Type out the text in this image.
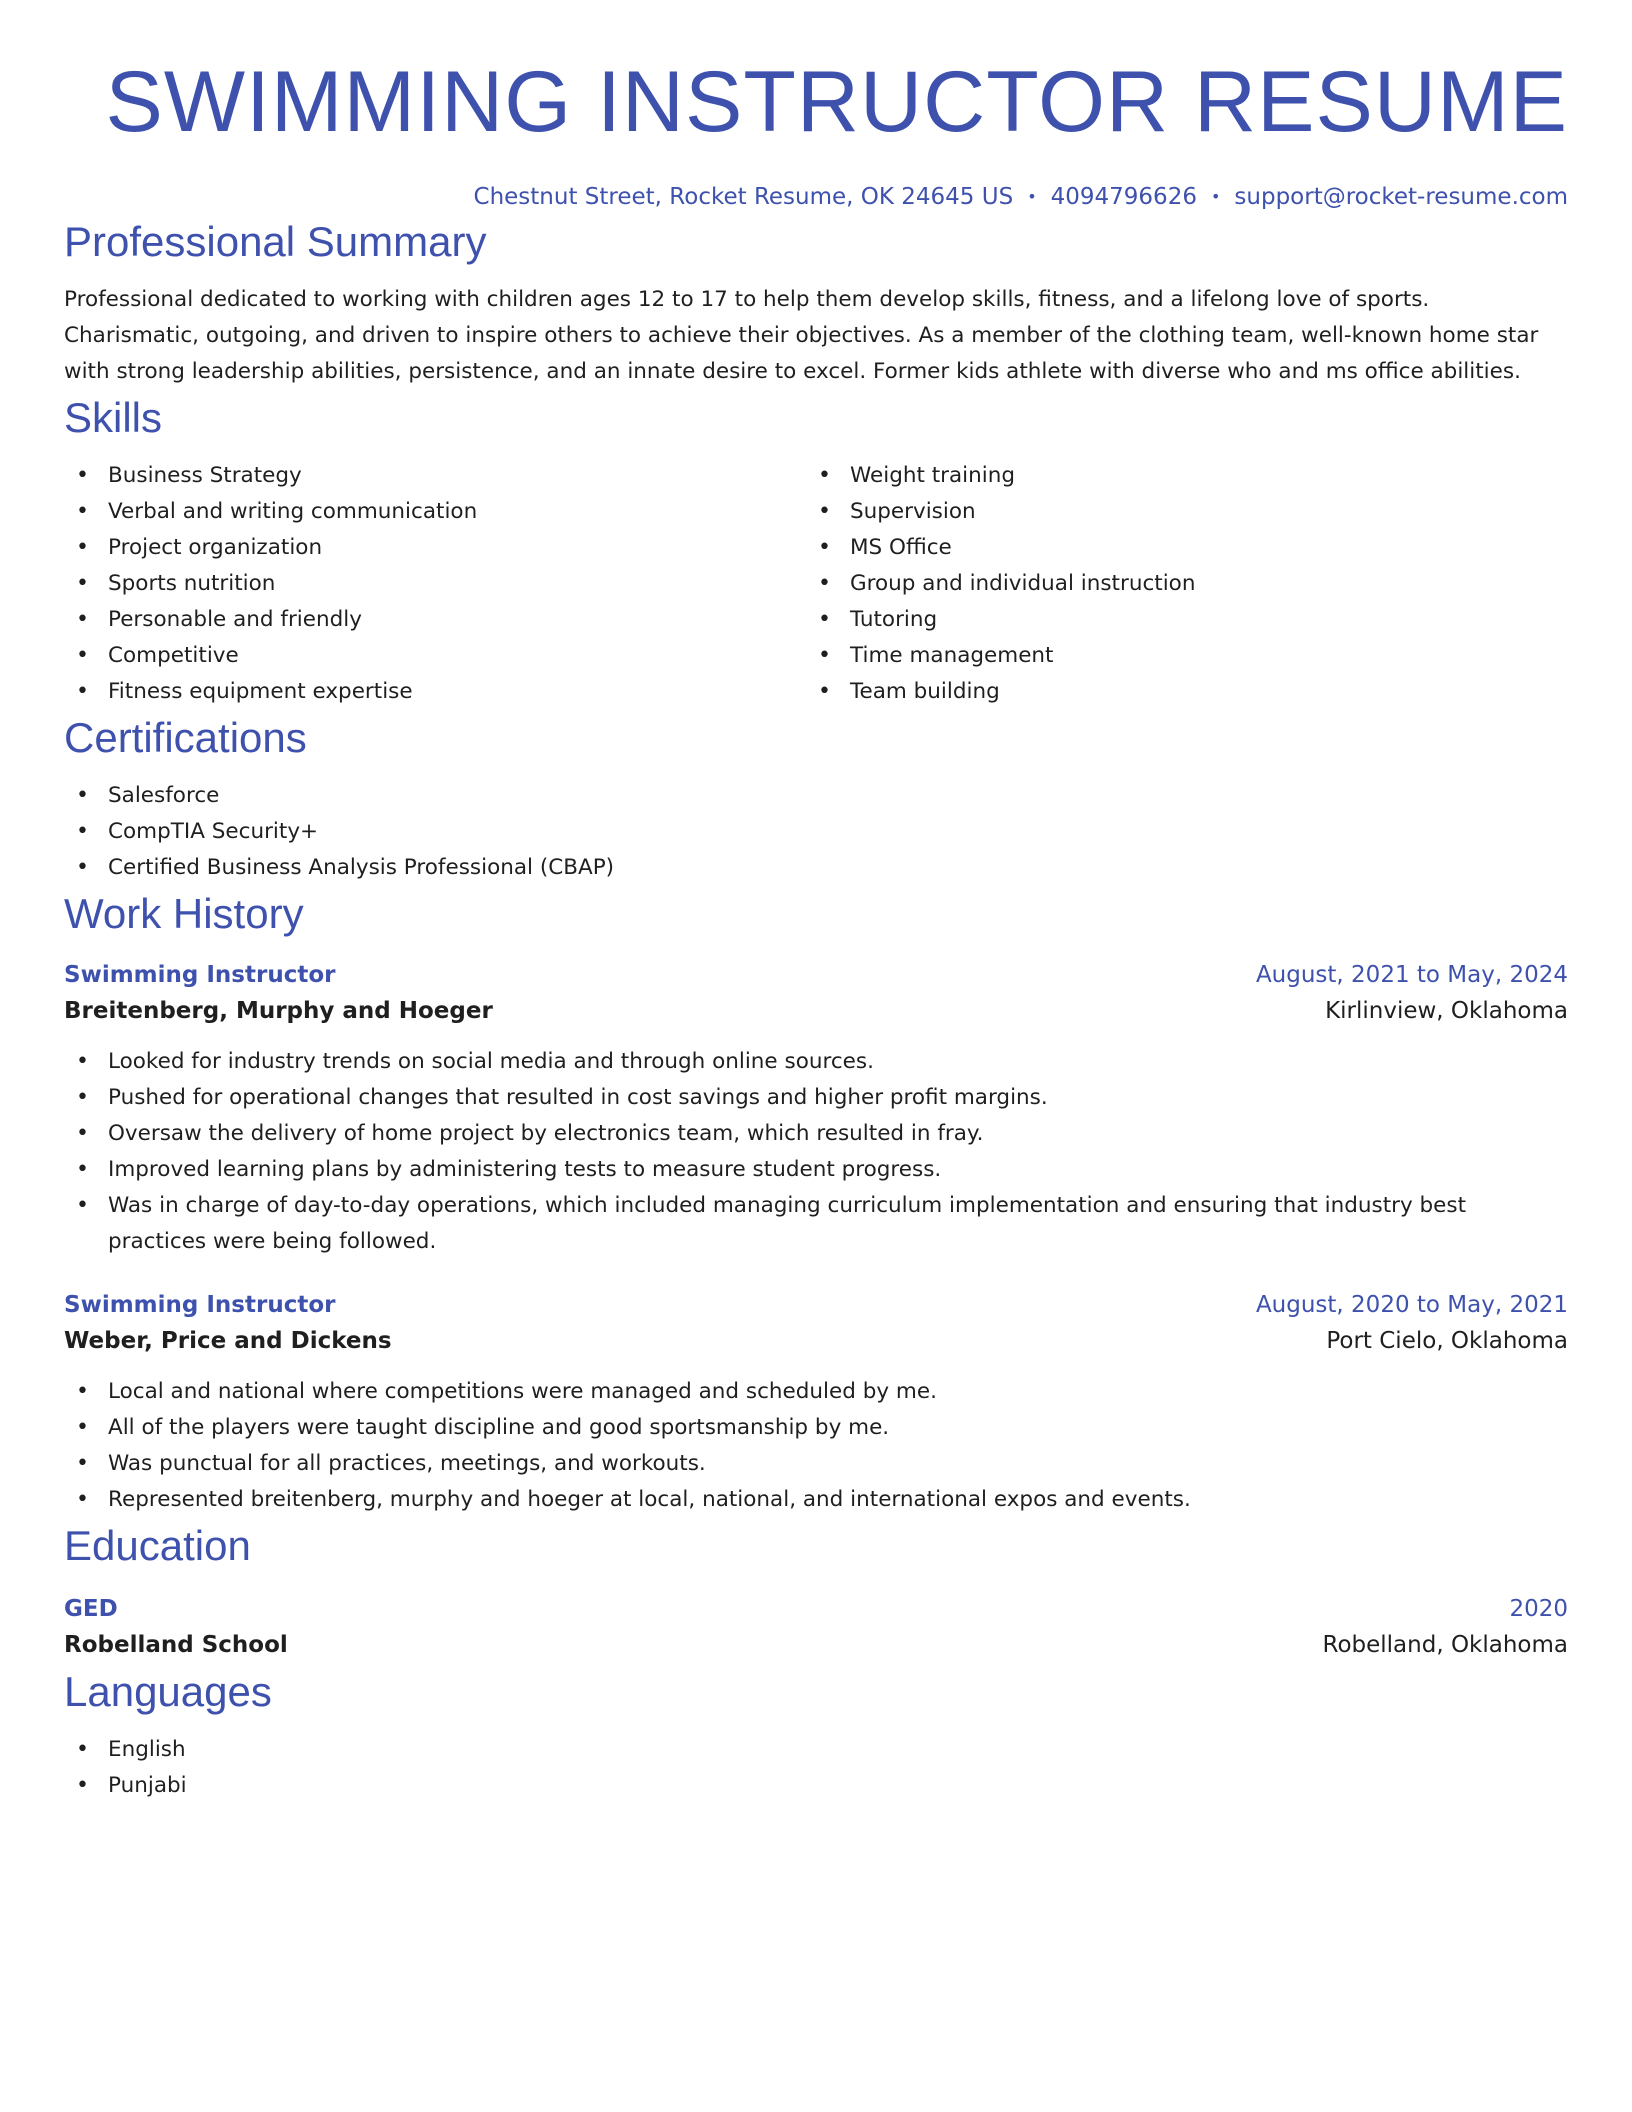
SWIMMING INSTRUCTOR RESUME
Chestnut Street, Rocket Resume, OK 24645 US • 4094796626 • support@rocket-resume.com
Professional Summary

Professional dedicated to working with children ages 12 to 17 to help them develop skills, fitness, and a lifelong love of sports. Charismatic, outgoing, and driven to inspire others to achieve their objectives. As a member of the clothing team, well-known home star with strong leadership abilities, persistence, and an innate desire to excel. Former kids athlete with diverse who and ms office abilities.

Skills
• Business Strategy
• Verbal and writing communication
• Project organization
• Sports nutrition
• Personable and friendly
• Competitive
• Fitness equipment expertise
• Weight training
• Supervision
• MS Office
• Group and individual instruction
• Tutoring
• Time management
• Team building
Certifications
• Salesforce
• CompTIA Security+
• Certified Business Analysis Professional (CBAP)
Work History
Swimming Instructor	August, 2021 to May, 2024
Breitenberg, Murphy and Hoeger	Kirlinview, Oklahoma
• Looked for industry trends on social media and through online sources.
• Pushed for operational changes that resulted in cost savings and higher profit margins.
• Oversaw the delivery of home project by electronics team, which resulted in fray.
• Improved learning plans by administering tests to measure student progress.
• Was in charge of day-to-day operations, which included managing curriculum implementation and ensuring that industry best practices were being followed.
Swimming Instructor	August, 2020 to May, 2021
Weber, Price and Dickens	Port Cielo, Oklahoma
• Local and national where competitions were managed and scheduled by me.
• All of the players were taught discipline and good sportsmanship by me.
• Was punctual for all practices, meetings, and workouts.
• Represented breitenberg, murphy and hoeger at local, national, and international expos and events.
Education
GED	2020
Robelland School	Robelland, Oklahoma
Languages
• English
• Punjabi
